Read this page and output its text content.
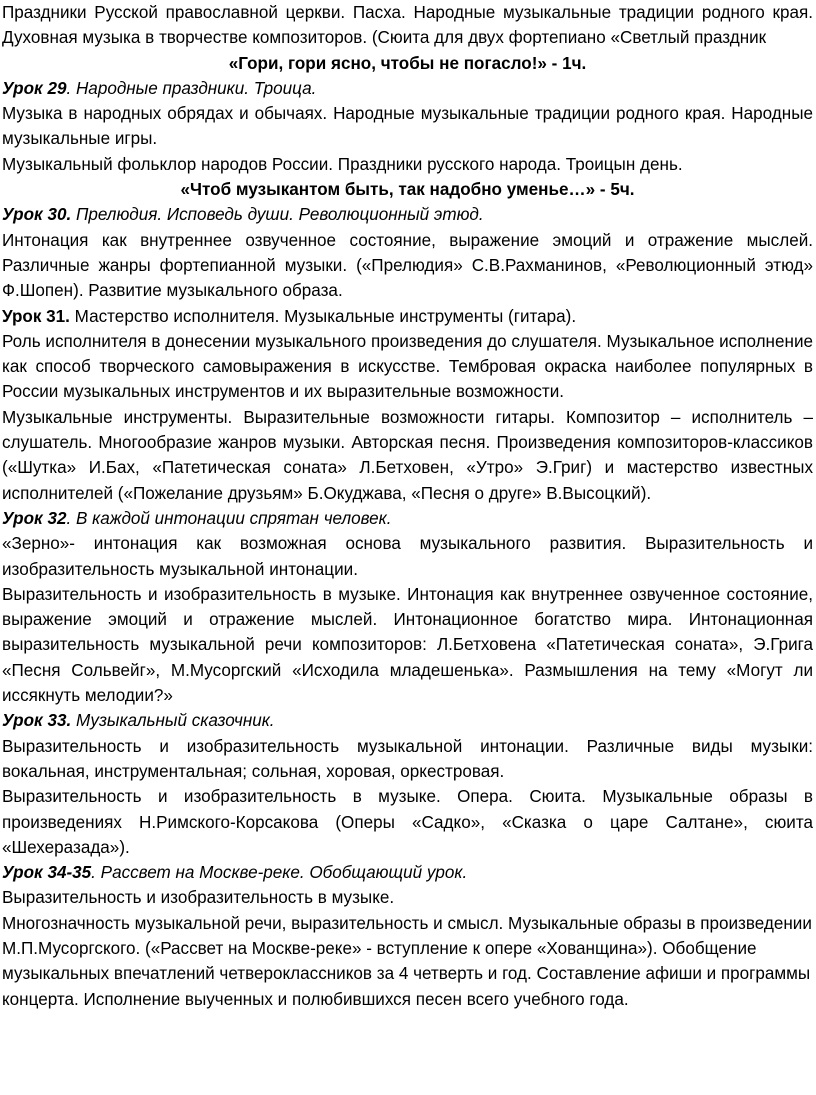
Праздники Русской православной церкви. Пасха. Народные музыкальные традиции родного края. Духовная музыка в творчестве композиторов. (Сюита для двух фортепиано «Светлый праздник

«Гори, гори ясно, чтобы не погасло!» - 1ч.

Урок 29. Народные праздники. Троица.

Музыка в народных обрядах и обычаях. Народные музыкальные традиции родного края. Народные музыкальные игры.

Музыкальный фольклор народов России. Праздники русского народа. Троицын день.

«Чтоб музыкантом быть, так надобно уменье…» - 5ч.

Урок 30. Прелюдия. Исповедь души. Революционный этюд.

Интонация как внутреннее озвученное состояние, выражение эмоций и отражение мыслей. Различные жанры фортепианной музыки. («Прелюдия» С.В.Рахманинов, «Революционный этюд» Ф.Шопен). Развитие музыкального образа.

Урок 31. Мастерство исполнителя. Музыкальные инструменты (гитара).

Роль исполнителя в донесении музыкального произведения до слушателя. Музыкальное исполнение как способ творческого самовыражения в искусстве. Тембровая окраска наиболее популярных в России музыкальных инструментов и их выразительные возможности.

Музыкальные инструменты. Выразительные возможности гитары. Композитор – исполнитель – слушатель. Многообразие жанров музыки. Авторская песня. Произведения композиторов-классиков («Шутка» И.Бах, «Патетическая соната» Л.Бетховен, «Утро» Э.Григ) и мастерство известных исполнителей («Пожелание друзьям» Б.Окуджава, «Песня о друге» В.Высоцкий).

Урок 32. В каждой интонации спрятан человек.

«Зерно»- интонация как возможная основа музыкального развития. Выразительность и изобразительность музыкальной интонации.

Выразительность и изобразительность в музыке. Интонация как внутреннее озвученное состояние, выражение эмоций и отражение мыслей. Интонационное богатство мира. Интонационная выразительность музыкальной речи композиторов: Л.Бетховена «Патетическая соната», Э.Грига «Песня Сольвейг», М.Мусоргский «Исходила младешенька». Размышления на тему «Могут ли иссякнуть мелодии?»

Урок 33. Музыкальный сказочник.

Выразительность и изобразительность музыкальной интонации. Различные виды музыки: вокальная, инструментальная; сольная, хоровая, оркестровая.

Выразительность и изобразительность в музыке. Опера. Сюита. Музыкальные образы в произведениях Н.Римского-Корсакова (Оперы «Садко», «Сказка о царе Салтане», сюита «Шехеразада»).

Урок 34-35. Рассвет на Москве-реке. Обобщающий урок.

Выразительность и изобразительность в музыке.

Многозначность музыкальной речи, выразительность и смысл. Музыкальные образы в произведении М.П.Мусоргского. («Рассвет на Москве-реке» - вступление к опере «Хованщина»). Обобщение музыкальных впечатлений четвероклассников за 4 четверть и год. Составление афиши и программы концерта. Исполнение выученных и полюбившихся песен всего учебного года.
